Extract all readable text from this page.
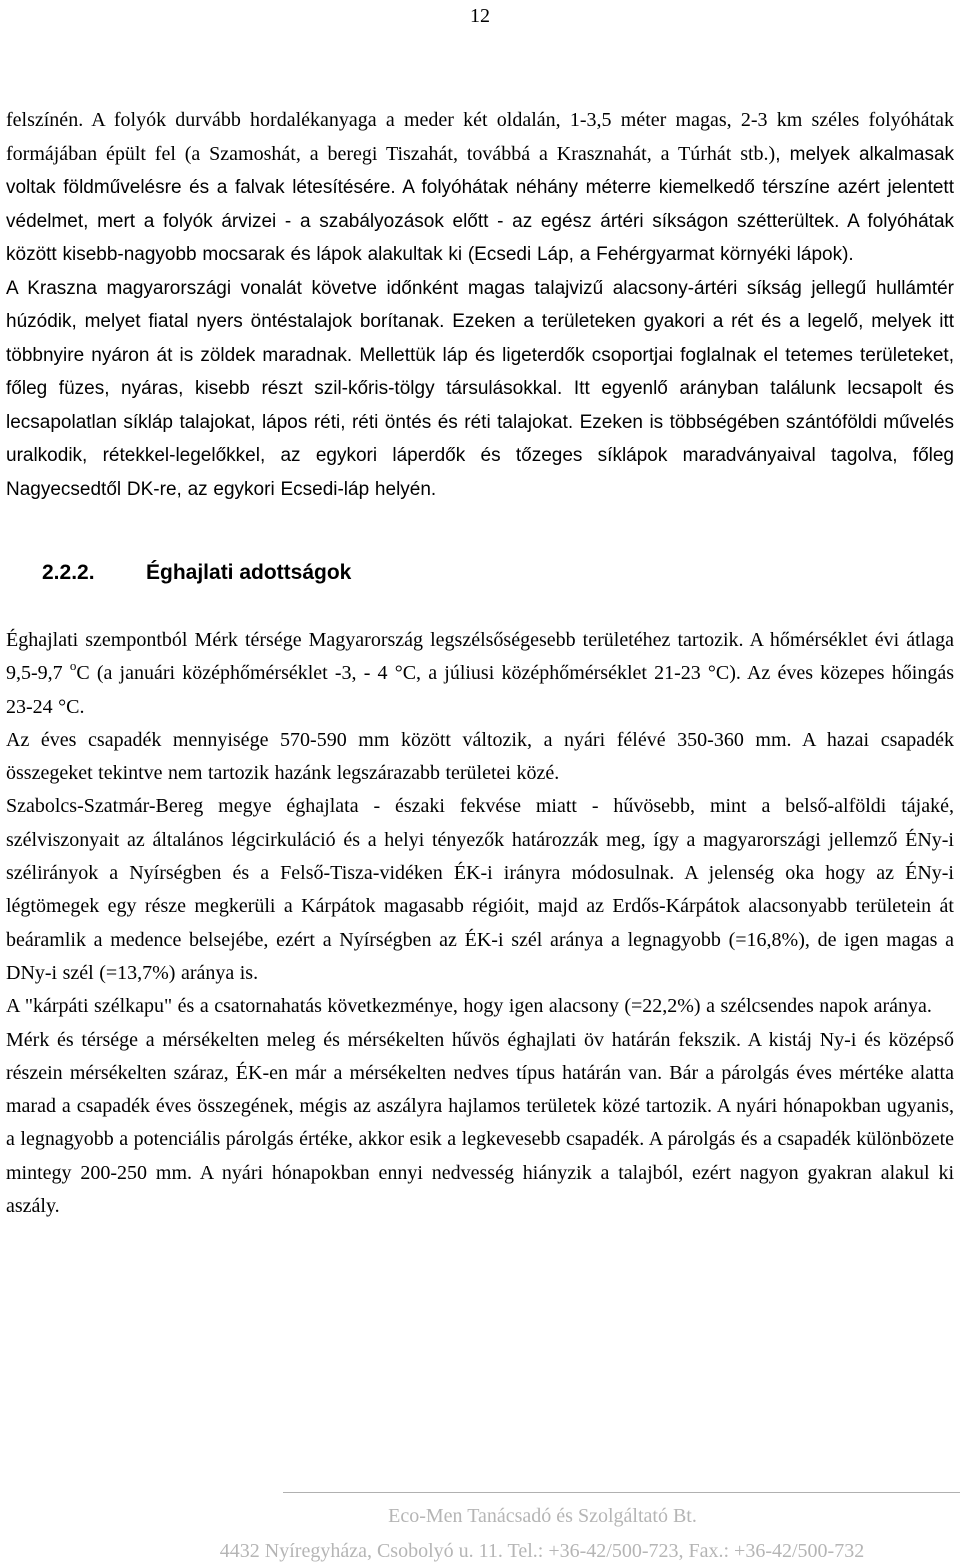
12

felszínén. A folyók durvább hordalékanyaga a meder két oldalán, 1-3,5 méter magas, 2-3 km széles folyóhátak formájában épült fel (a Szamoshát, a beregi Tiszahát, továbbá a Krasznahát, a Túrhát stb.), melyek alkalmasak voltak földművelésre és a falvak létesítésére. A folyóhátak néhány méterre kiemelkedő térszíne azért jelentett védelmet, mert a folyók árvizei - a szabályozások előtt - az egész ártéri síkságon szétterültek. A folyóhátak között kisebb-nagyobb mocsarak és lápok alakultak ki (Ecsedi Láp, a Fehérgyarmat környéki lápok).

A Kraszna magyarországi vonalát követve időnként magas talajvizű alacsony-ártéri síkság jellegű hullámtér húzódik, melyet fiatal nyers öntéstalajok borítanak. Ezeken a területeken gyakori a rét és a legelő, melyek itt többnyire nyáron át is zöldek maradnak. Mellettük láp és ligeterdők csoportjai foglalnak el tetemes területeket, főleg füzes, nyáras, kisebb részt szil-kőris-tölgy társulásokkal. Itt egyenlő arányban találunk lecsapolt és lecsapolatlan síkláp talajokat, lápos réti, réti öntés és réti talajokat. Ezeken is többségében szántóföldi művelés uralkodik, rétekkel-legelőkkel, az egykori láperdők és tőzeges síklápok maradványaival tagolva, főleg Nagyecsedtől DK-re, az egykori Ecsedi-láp helyén.

2.2.2.	Éghajlati adottságok

Éghajlati szempontból Mérk térsége Magyarország legszélsőségesebb területéhez tartozik. A hőmérséklet évi átlaga 9,5-9,7 $^o$C (a januári középhőmérséklet -3, - 4 °C, a júliusi középhőmérséklet 21-23 °C). Az éves közepes hőingás 23-24 °C.

Az éves csapadék mennyisége 570-590 mm között változik, a nyári félévé 350-360 mm. A hazai csapadék összegeket tekintve nem tartozik hazánk legszárazabb területei közé.

Szabolcs-Szatmár-Bereg megye éghajlata - északi fekvése miatt - hűvösebb, mint a belső-alföldi tájaké, szélviszonyait az általános légcirkuláció és a helyi tényezők határozzák meg, így a magyarországi jellemző ÉNy-i szélirányok a Nyírségben és a Felső-Tisza-vidéken ÉK-i irányra módosulnak. A jelenség oka hogy az ÉNy-i légtömegek egy része megkerüli a Kárpátok magasabb régióit, majd az Erdős-Kárpátok alacsonyabb területein át beáramlik a medence belsejébe, ezért a Nyírségben az ÉK-i szél aránya a legnagyobb (=16,8%), de igen magas a DNy-i szél (=13,7%) aránya is.

A "kárpáti szélkapu" és a csatornahatás következménye, hogy igen alacsony (=22,2%) a szélcsendes napok aránya.

Mérk és térsége a mérsékelten meleg és mérsékelten hűvös éghajlati öv határán fekszik. A kistáj Ny-i és középső részein mérsékelten száraz, ÉK-en már a mérsékelten nedves típus határán van. Bár a párolgás éves mértéke alatta marad a csapadék éves összegének, mégis az aszályra hajlamos területek közé tartozik. A nyári hónapokban ugyanis, a legnagyobb a potenciális párolgás értéke, akkor esik a legkevesebb csapadék. A párolgás és a csapadék különbözete mintegy 200-250 mm. A nyári hónapokban ennyi nedvesség hiányzik a talajból, ezért nagyon gyakran alakul ki aszály.

Eco-Men Tanácsadó és Szolgáltató Bt.
4432 Nyíregyháza, Csobolyó u. 11. Tel.: +36-42/500-723, Fax.: +36-42/500-732
